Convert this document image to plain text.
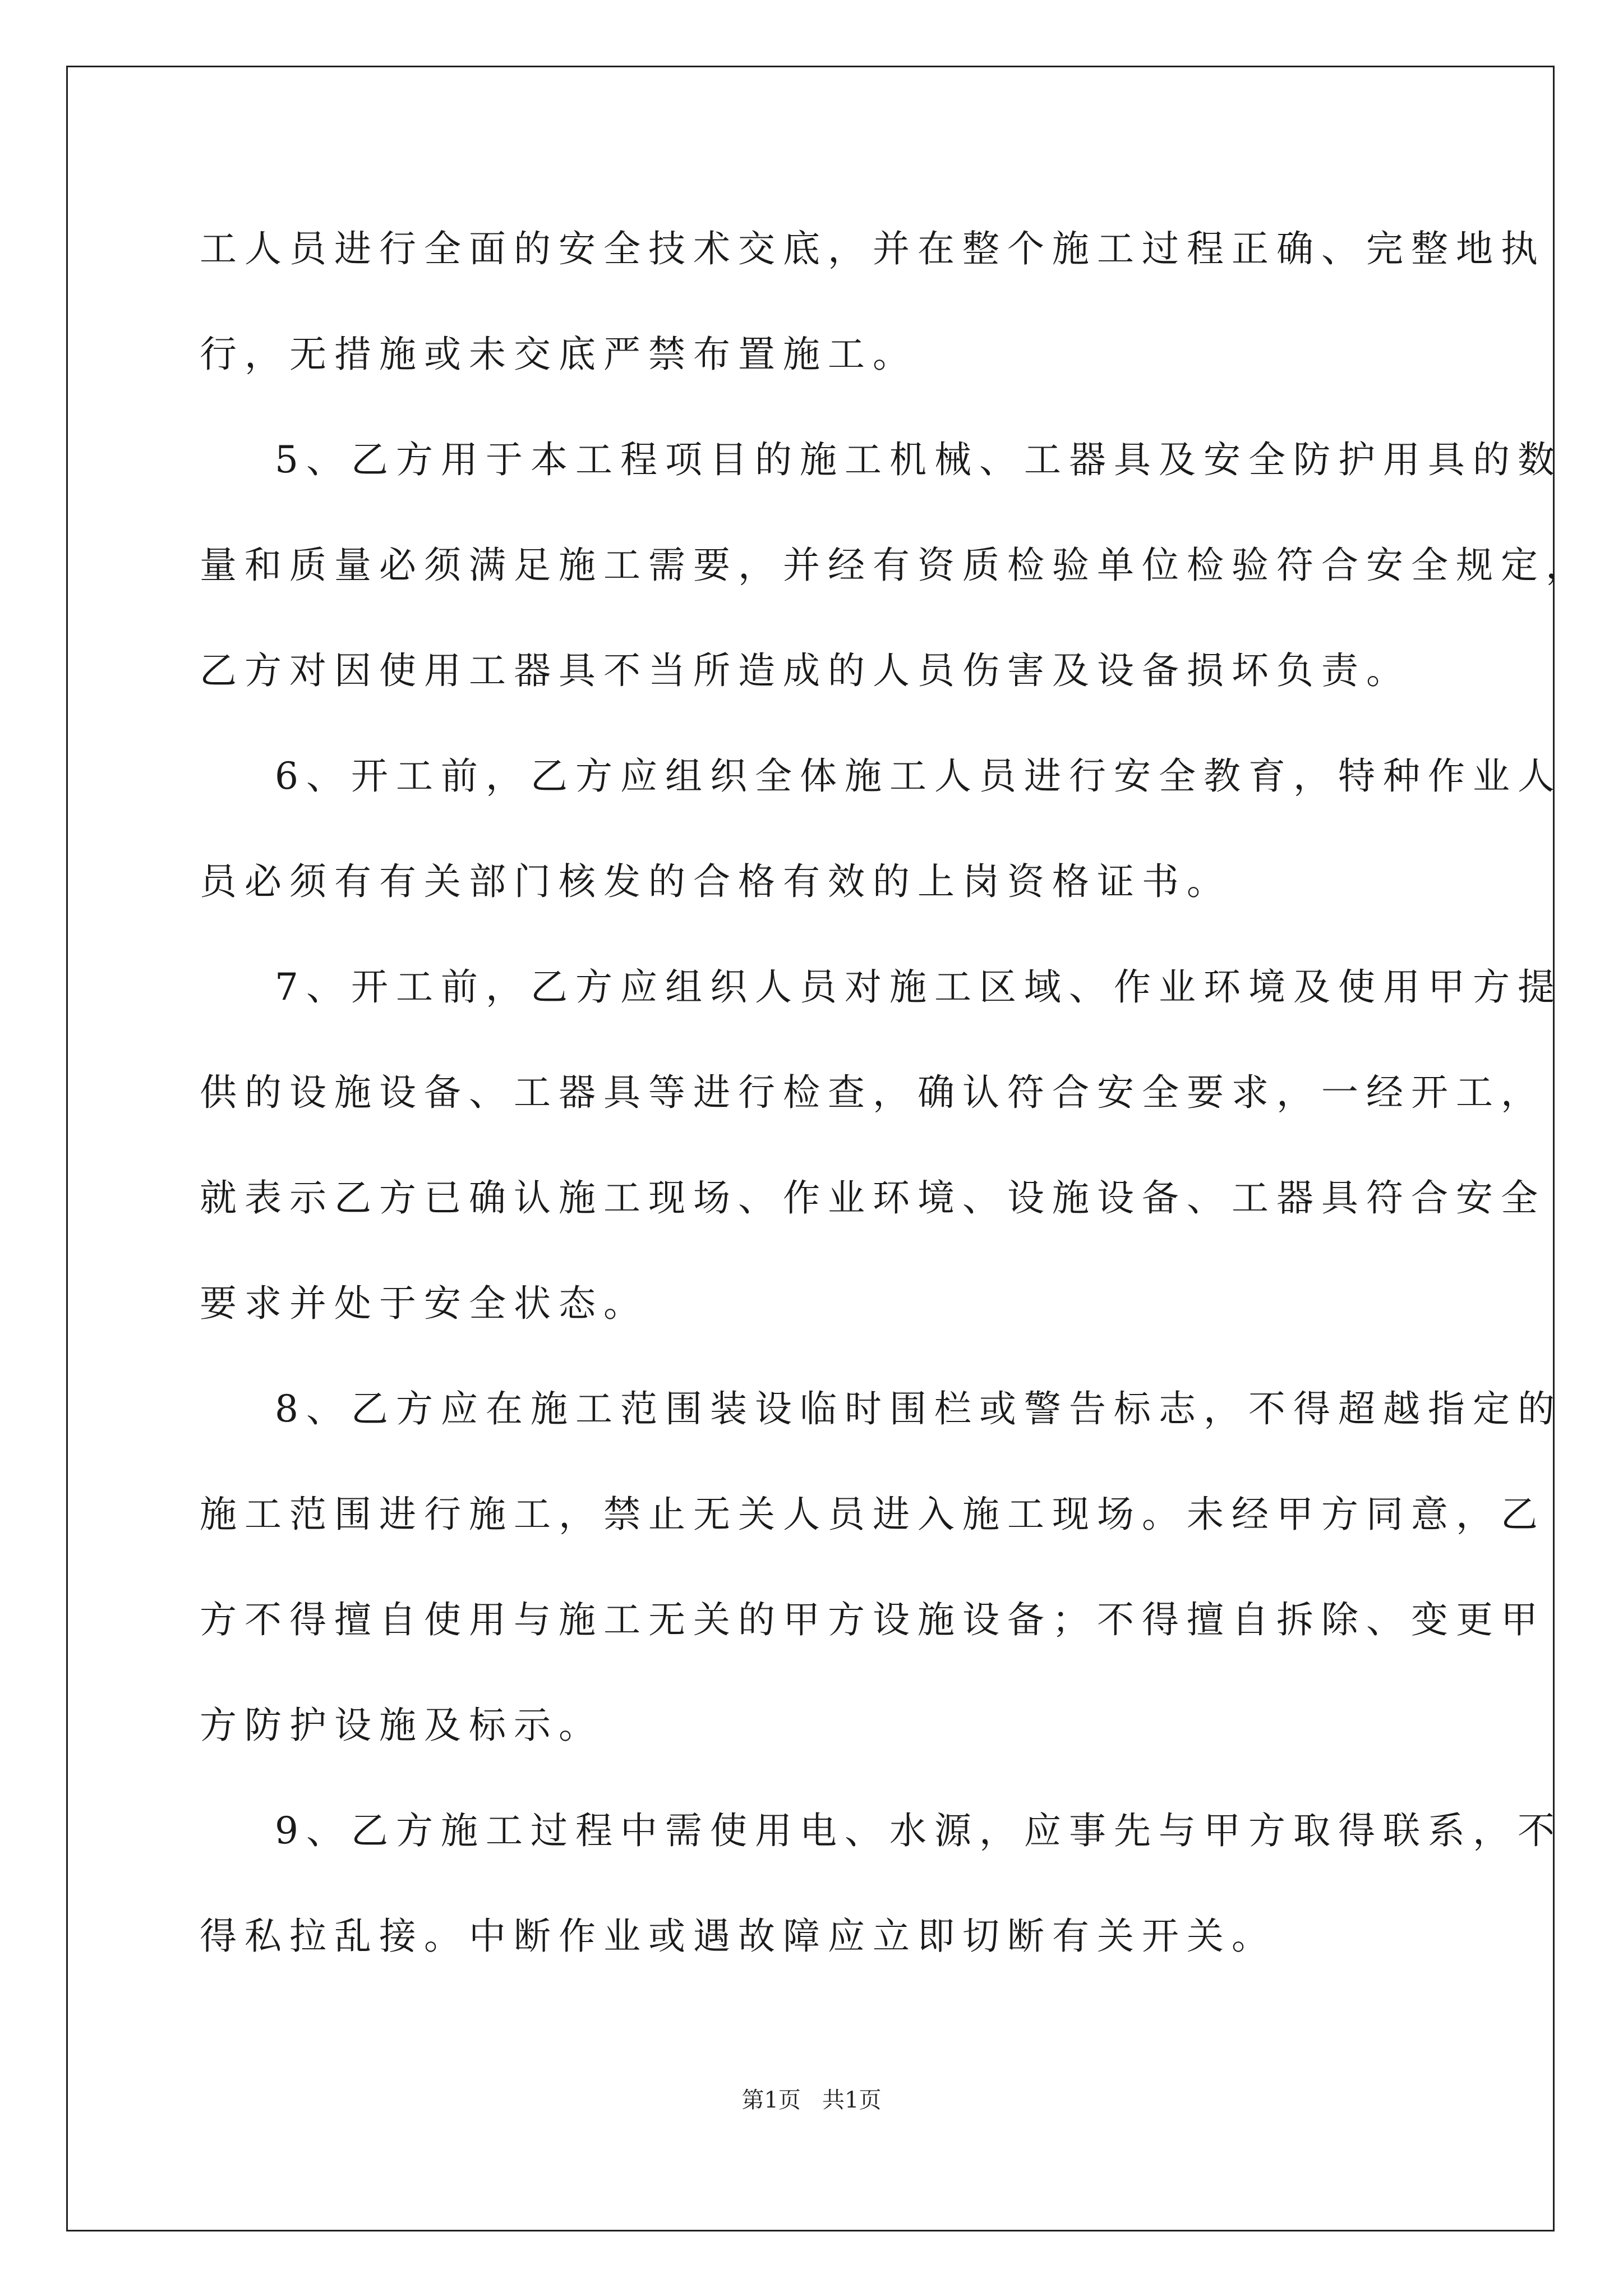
工人员进行全面的安全技术交底，并在整个施工过程正确、完整地执
行，无措施或未交底严禁布置施工。
5、乙方用于本工程项目的施工机械、工器具及安全防护用具的数
量和质量必须满足施工需要，并经有资质检验单位检验符合安全规定，
乙方对因使用工器具不当所造成的人员伤害及设备损坏负责。
6、开工前，乙方应组织全体施工人员进行安全教育，特种作业人
员必须有有关部门核发的合格有效的上岗资格证书。
7、开工前，乙方应组织人员对施工区域、作业环境及使用甲方提
供的设施设备、工器具等进行检查，确认符合安全要求，一经开工，
就表示乙方已确认施工现场、作业环境、设施设备、工器具符合安全
要求并处于安全状态。
8、乙方应在施工范围装设临时围栏或警告标志，不得超越指定的
施工范围进行施工，禁止无关人员进入施工现场。未经甲方同意，乙
方不得擅自使用与施工无关的甲方设施设备；不得擅自拆除、变更甲
方防护设施及标示。
9、乙方施工过程中需使用电、水源，应事先与甲方取得联系，不
得私拉乱接。中断作业或遇故障应立即切断有关开关。
第1页   共1页
